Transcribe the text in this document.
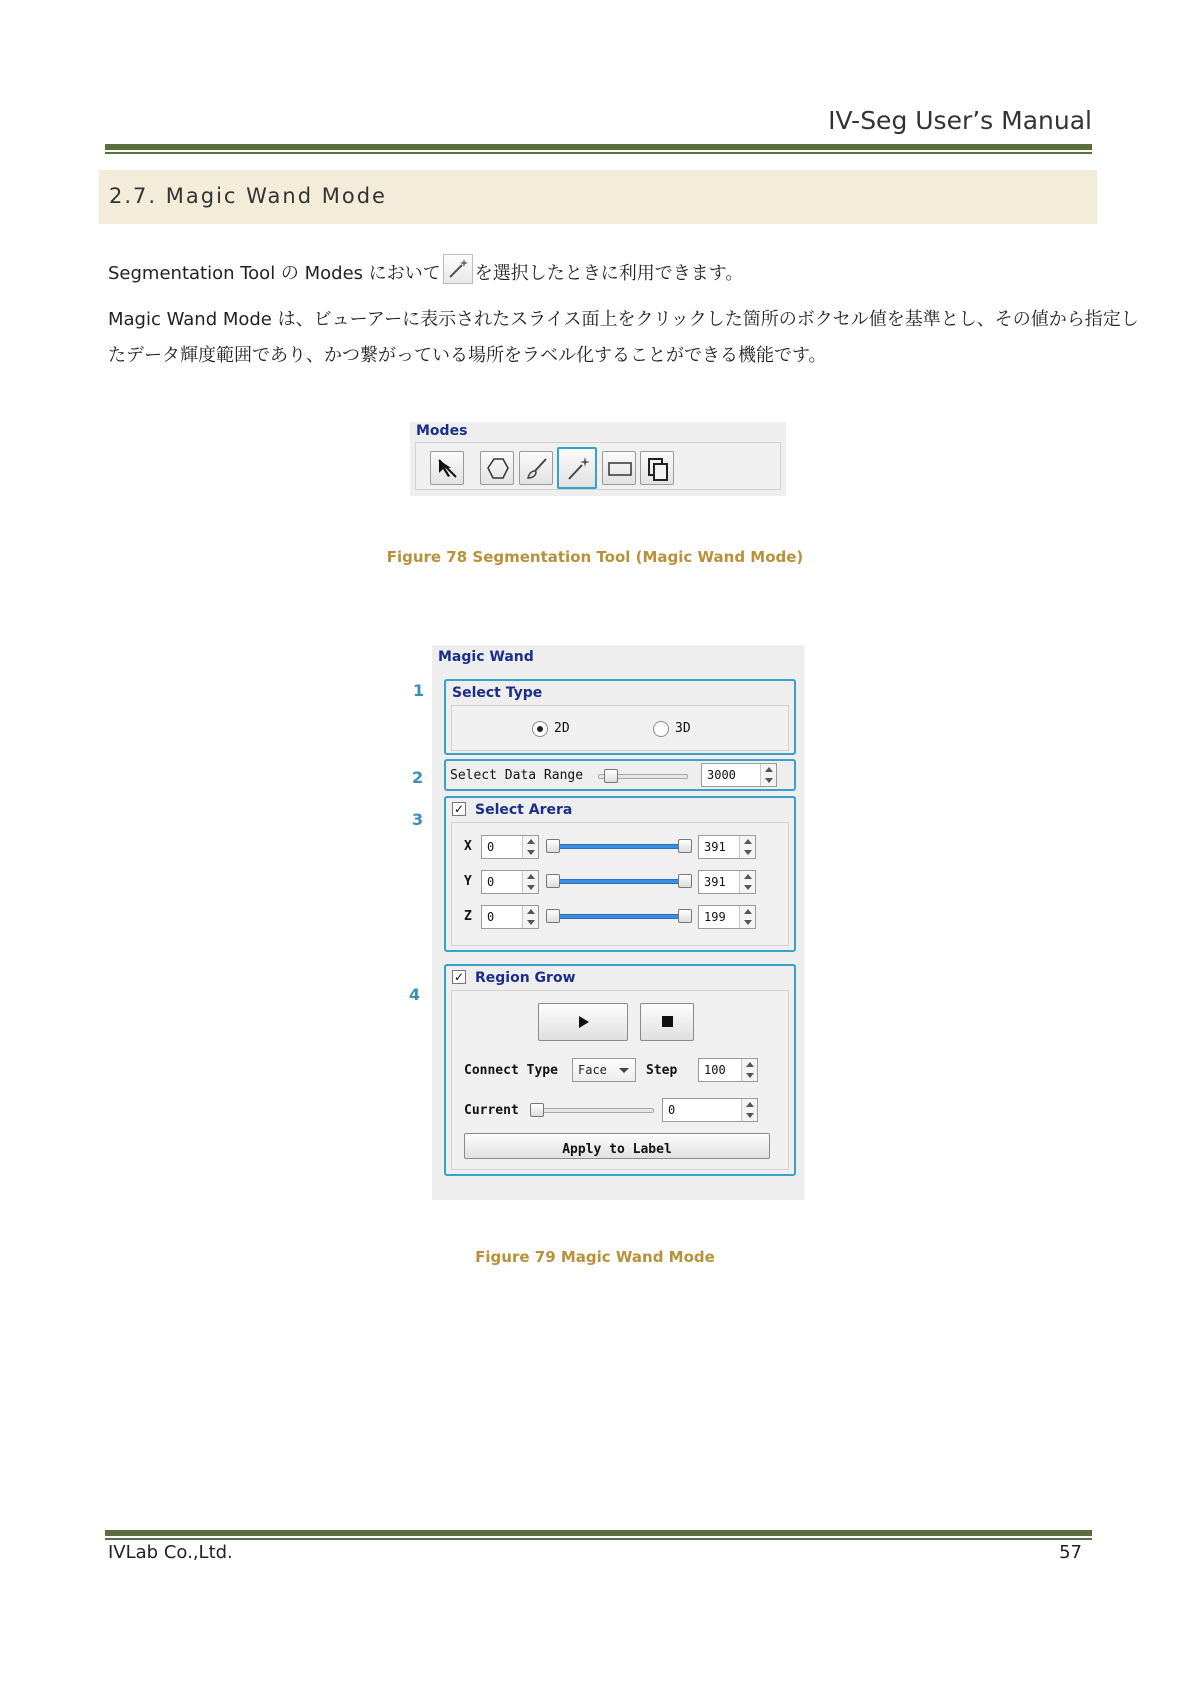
IV-Seg User’s Manual
2.7. Magic Wand Mode
Segmentation Tool の Modes において を選択したときに利用できます。
Magic Wand Mode は、ビューアーに表示されたスライス面上をクリックした箇所のボクセル値を基準とし、その値から指定し
たデータ輝度範囲であり、かつ繋がっている場所をラベル化することができる機能です。
Modes
Figure 78 Segmentation Tool (Magic Wand Mode)
1
2
3
4
Magic Wand
Select Type
2D	3D
Select Data Range	3000
✓ Select Arera
X 0	391
Y 0	391
Z 0	199
✓ Region Grow
Connect Type Face	Step 100
Current	0
$_{Apply to Label}$
Figure 79 Magic Wand Mode
IVLab Co.,Ltd.	57
